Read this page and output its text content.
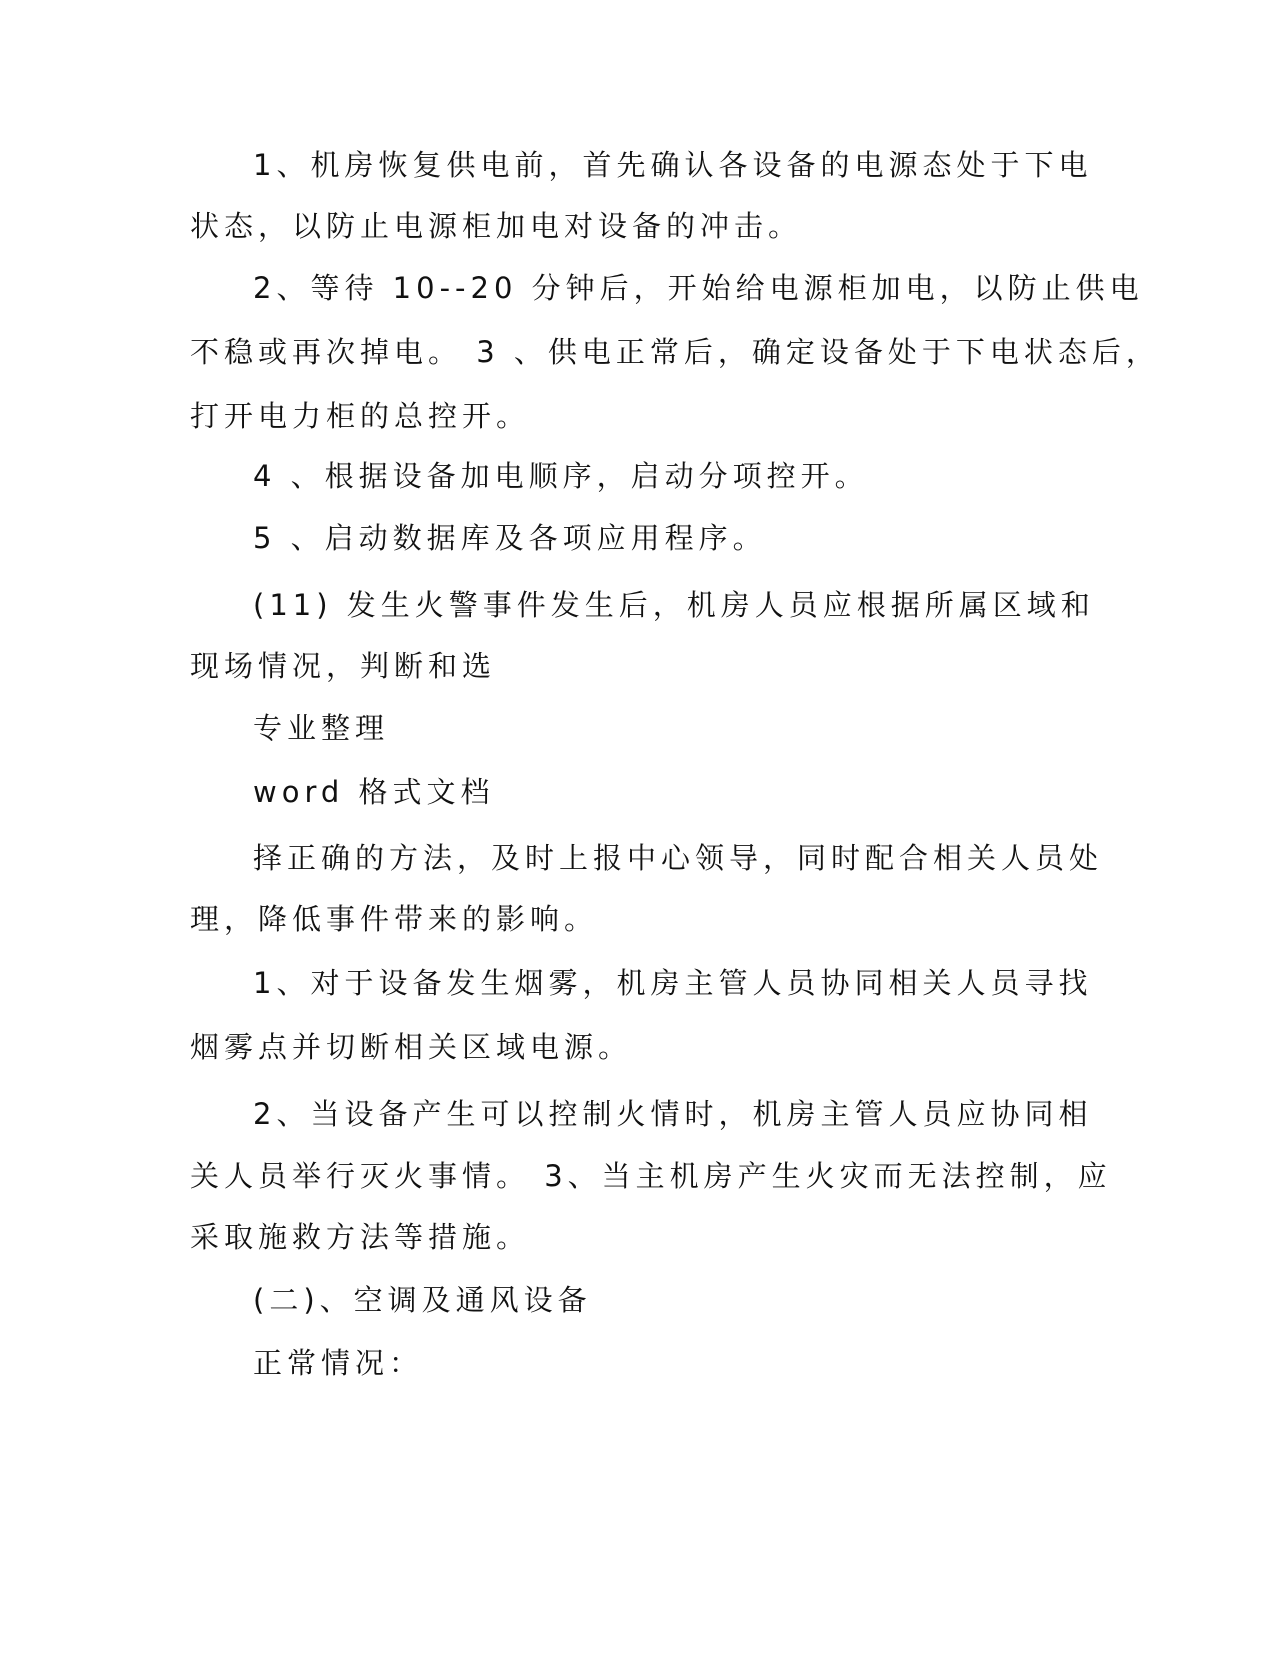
1、机房恢复供电前，首先确认各设备的电源态处于下电
状态，以防止电源柜加电对设备的冲击。
2、等待 10--20 分钟后，开始给电源柜加电，以防止供电
不稳或再次掉电。 3 、供电正常后，确定设备处于下电状态后，
打开电力柜的总控开。
4 、根据设备加电顺序，启动分项控开。
5 、启动数据库及各项应用程序。
(11) 发生火警事件发生后，机房人员应根据所属区域和
现场情况，判断和选
专业整理
word 格式文档
择正确的方法，及时上报中心领导，同时配合相关人员处
理，降低事件带来的影响。
1、对于设备发生烟雾，机房主管人员协同相关人员寻找
烟雾点并切断相关区域电源。
2、当设备产生可以控制火情时，机房主管人员应协同相
关人员举行灭火事情。 3、当主机房产生火灾而无法控制，应
采取施救方法等措施。
(二)、空调及通风设备
正常情况：
